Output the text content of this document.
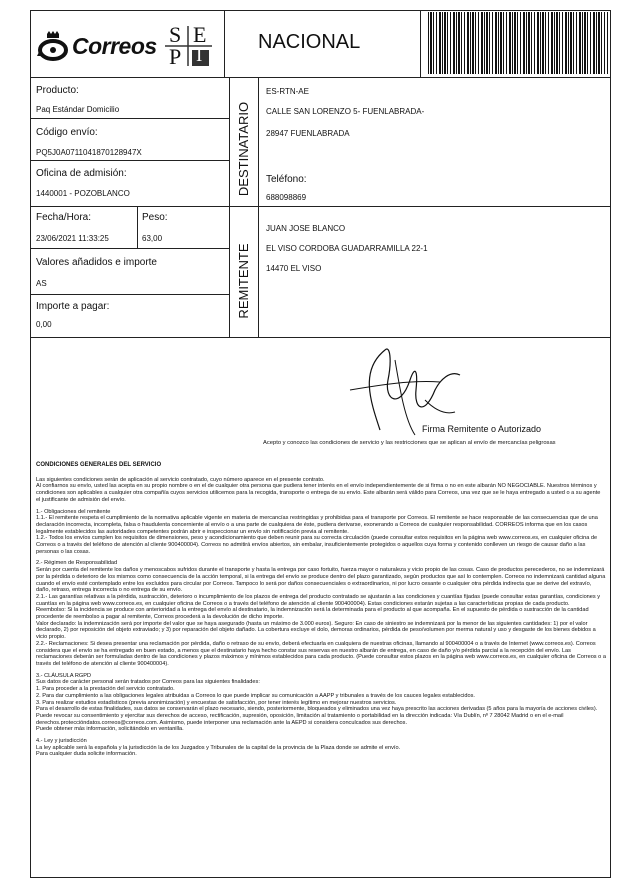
Correos S E
P I
NACIONAL
Producto:
Paq Estándar Domicilio
Código envío:
PQ5J0A0711041870128947X
Oficina de admisión:
1440001 - POZOBLANCO
Fecha/Hora:
23/06/2021 11:33:25
Peso:
63,00
Valores añadidos e importe
AS
Importe a pagar:
0,00
DESTINATARIO
REMITENTE
ES-RTN-AE
CALLE SAN LORENZO 5- FUENLABRADA-
28947 FUENLABRADA
Teléfono:
688098869
JUAN JOSE BLANCO
EL VISO CORDOBA GUADARRAMILLA 22-1
14470 EL VISO
Firma Remitente o Autorizado
Acepto y conozco las condiciones de servicio y las restricciones que se aplican al envío de mercancías peligrosas

CONDICIONES GENERALES DEL SERVICIO

Las siguientes condiciones serán de aplicación al servicio contratado, cuyo número aparece en el presente contrato.
Al confiarnos su envío, usted las acepta en su propio nombre o en el de cualquier otra persona que pudiera tener interés en el envío independientemente de si firma o no en este albarán NO NEGOCIABLE. Nuestros términos y condiciones son aplicables a cualquier otra compañía cuyos servicios utilicemos para la recogida, transporte o entrega de su envío. Este albarán será válido para Correos, una vez que se le haya entregado a usted o a su agente el justificante de admisión del envío.

1.- Obligaciones del remitente
1.1.- El remitente respeta el cumplimiento de la normativa aplicable vigente en materia de mercancías restringidas y prohibidas para el transporte por Correos. El remitente se hace responsable de las consecuencias que de una declaración incorrecta, incompleta, falsa o fraudulenta concerniente al envío o a una parte de cualquiera de éste, pudiera derivarse, exonerando a Correos de cualquier responsabilidad. CORREOS informa que en los casos legalmente establecidos las autoridades competentes podrán abrir e inspeccionar un envío sin notificación previa al remitente.
1.2.- Todos los envíos cumplen los requisitos de dimensiones, peso y acondicionamiento que deben reunir para su correcta circulación (puede consultar estos requisitos en la página web www.correos.es, en cualquier oficina de Correos o a través del teléfono de atención al cliente 900400004). Correos no admitirá envíos abiertos, sin embalar, insuficientemente protegidos o aquellos cuya forma y contenido conlleven un riesgo de causar daño a las personas o las cosas.

2.- Régimen de Responsabilidad
Serán por cuenta del remitente los daños y menoscabos sufridos durante el transporte y hasta la entrega por caso fortuito, fuerza mayor o naturaleza y vicio propio de las cosas. Caso de productos perecederos, no se indemnizará por la pérdida o deterioro de los mismos como consecuencia de la acción temporal, si la entrega del envío se produce dentro del plazo garantizado, según productos que así lo contemplen. Correos no indemnizará cantidad alguna cuando el envío esté contemplado entre los excluidos para circular por Correos. Tampoco lo será por daños consecuenciales o extraordinarios, ni por lucro cesante o cualquier otra pérdida indirecta que se derive del extravío, daño, retraso, entrega incorrecta o no entrega de su envío.
2.1.- Las garantías relativas a la pérdida, sustracción, deterioro o incumplimiento de los plazos de entrega del producto contratado se ajustarán a las condiciones y cuantías fijadas (puede consultar estas garantías, condiciones y cuantías en la página web www.correos.es, en cualquier oficina de Correos o a través del teléfono de atención al cliente 900400004). Estas condiciones estarán sujetas a las características propias de cada producto.
Reembolso: Si la incidencia se produce con anterioridad a la entrega del envío al destinatario, la indemnización será la determinada para el producto al que acompaña. En el supuesto de pérdida o sustracción de la cantidad procedente de reembolso a pagar al remitente, Correos procederá a la devolución de dicho importe.
Valor declarado: la indemnización será por importe del valor que se haya asegurado (hasta un máximo de 3.000 euros). Seguro: En caso de siniestro se indemnizará por la menor de las siguientes cantidades: 1) por el valor declarado, 2) por reposición del objeto extraviado; y 3) por reparación del objeto dañado. La cobertura excluye el dolo, demoras ordinarios, pérdida de peso/volumen por merma natural y uso y desgaste de los bienes debidos a vicio propio.
2.2.- Reclamaciones: Si desea presentar una reclamación por pérdida, daño o retraso de su envío, deberá efectuarla en cualquiera de nuestras oficinas, llamando al 900400004 o a través de Internet (www.correos.es). Correos considera que el envío se ha entregado en buen estado, a menos que el destinatario haya hecho constar sus reservas en nuestro albarán de entrega, en caso de daño y/o pérdida parcial a la recepción del envío. Las reclamaciones deberán ser formuladas dentro de las condiciones y plazos máximos y mínimos establecidos para cada producto. (Puede consultar estos plazos en la página web www.correos.es, en cualquier oficina de Correos o a través del teléfono de atención al cliente 900400004).

3.- CLÁUSULA RGPD
Sus datos de carácter personal serán tratados por Correos para las siguientes finalidades:
1. Para proceder a la prestación del servicio contratado.
2. Para dar cumplimiento a las obligaciones legales atribuidas a Correos lo que puede implicar su comunicación a AAPP y tribunales a través de los cauces legales establecidos.
3. Para realizar estudios estadísticos (previa anonimización) y encuestas de satisfacción, por tener interés legítimo en mejorar nuestros servicios.
Para el desarrollo de estas finalidades, sus datos se conservarán el plazo necesario, siendo, posteriormente, bloqueados y eliminados una vez haya prescrito las acciones derivadas (5 años para la mayoría de acciones civiles).
Puede revocar su consentimiento y ejercitar sus derechos de acceso, rectificación, supresión, oposición, limitación al tratamiento o portabilidad en la dirección indicada: Vía Dublín, nº 7 28042 Madrid o en el e-mail derechos.proteccióndatos.correos@correos.com. Asimismo, puede interponer una reclamación ante la AEPD si considera conculcados sus derechos.
Puede obtener más información, solicitándolo en ventanilla.

4.- Ley y jurisdicción
La ley aplicable será la española y la jurisdicción la de los Juzgados y Tribunales de la capital de la provincia de la Plaza donde se admite el envío.
Para cualquier duda solicite información.
